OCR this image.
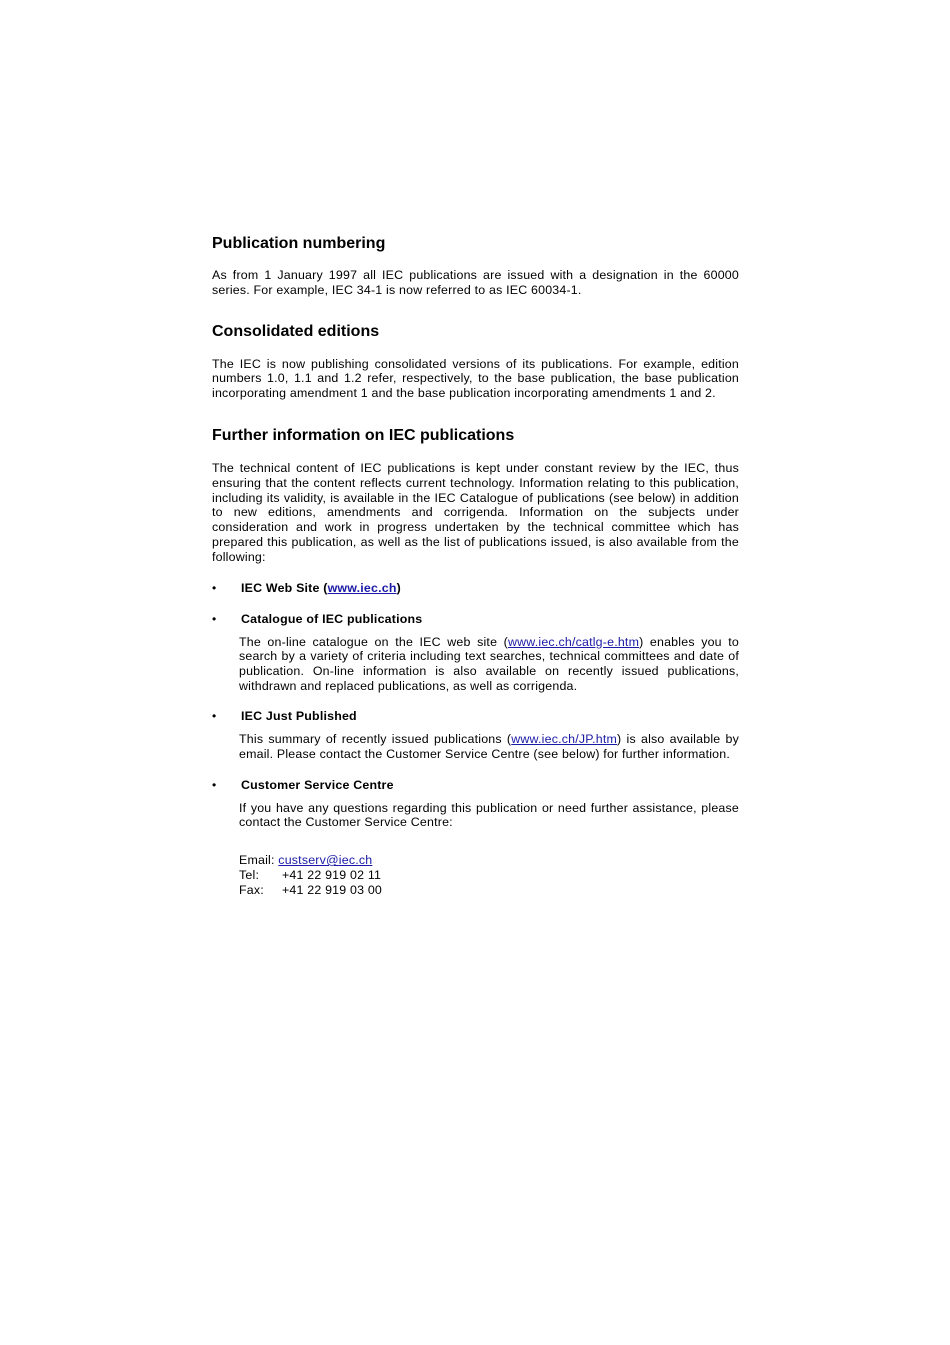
Publication numbering

As from 1 January 1997 all IEC publications are issued with a designation in the 60000 series. For example, IEC 34-1 is now referred to as IEC 60034-1.

Consolidated editions

The IEC is now publishing consolidated versions of its publications. For example, edition numbers 1.0, 1.1 and 1.2 refer, respectively, to the base publication, the base publication incorporating amendment 1 and the base publication incorporating amendments 1 and 2.

Further information on IEC publications

The technical content of IEC publications is kept under constant review by the IEC, thus ensuring that the content reflects current technology. Information relating to this publication, including its validity, is available in the IEC Catalogue of publications (see below) in addition to new editions, amendments and corrigenda. Information on the subjects under consideration and work in progress undertaken by the technical committee which has prepared this publication, as well as the list of publications issued, is also available from the following:

• IEC Web Site (www.iec.ch)
• Catalogue of IEC publications
The on-line catalogue on the IEC web site (www.iec.ch/catlg-e.htm) enables you to search by a variety of criteria including text searches, technical committees and date of publication. On-line information is also available on recently issued publications, withdrawn and replaced publications, as well as corrigenda.
• IEC Just Published
This summary of recently issued publications (www.iec.ch/JP.htm) is also available by email. Please contact the Customer Service Centre (see below) for further information.
• Customer Service Centre
If you have any questions regarding this publication or need further assistance, please contact the Customer Service Centre:
Email:
custserv@iec.ch
Tel:	+41 22 919 02 11
Fax:	+41 22 919 03 00
